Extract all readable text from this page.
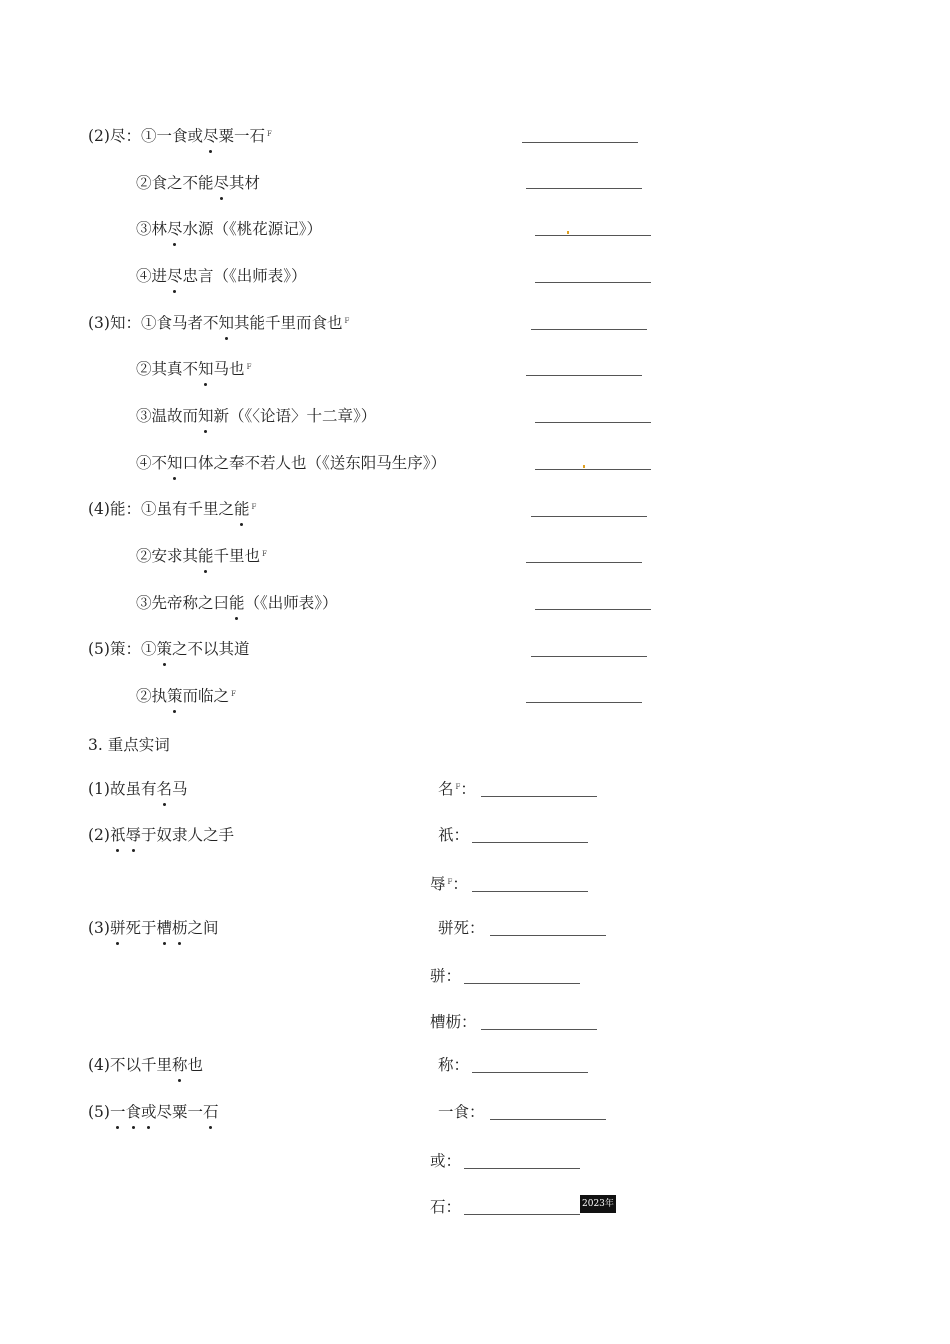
(2)尽：①一食或尽粟一石 $^F$
②食之不能尽其材
③林尽水源（《桃花源记》）
④进尽忠言（《出师表》）
(3)知：①食马者不知其能千里而食也 $^F$
②其真不知马也 $^F$
③温故而知新（《〈论语〉十二章》）
④不知口体之奉不若人也（《送东阳马生序》）
(4)能：①虽有千里之能 $^F$
②安求其能千里也 $^F$
③先帝称之曰能（《出师表》）
(5)策：①策之不以其道
②执策而临之 $^F$
3. 重点实词
(1)故虽有名马	名 $^F$：
(2)祇辱于奴隶人之手	祇：
辱 $^F$：
(3)骈死于槽枥之间	骈死：
骈：
槽枥：
(4)不以千里称也	称：
(5)一食或尽粟一石	一食：
或：
石：	2023年
